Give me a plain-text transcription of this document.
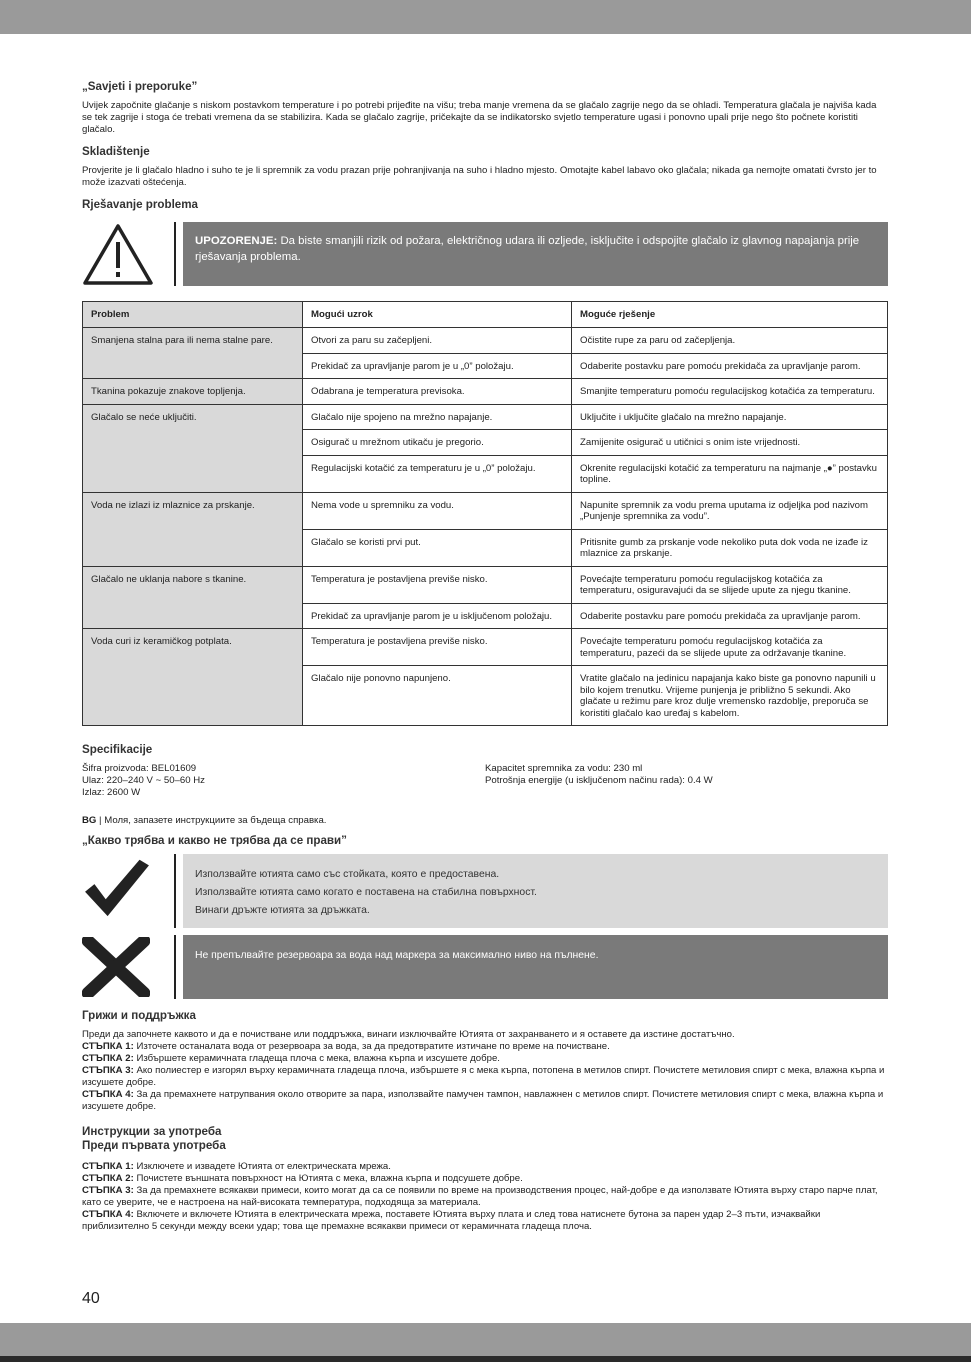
„Savjeti i preporuke”

Uvijek započnite glačanje s niskom postavkom temperature i po potrebi prijeđite na višu; treba manje vremena da se glačalo zagrije nego da se ohladi. Temperatura glačala je najviša kada se tek zagrije i stoga će trebati vremena da se stabilizira. Kada se glačalo zagrije, pričekajte da se indikatorsko svjetlo temperature ugasi i ponovno upali prije nego što počnete koristiti glačalo.

Skladištenje

Provjerite je li glačalo hladno i suho te je li spremnik za vodu prazan prije pohranjivanja na suho i hladno mjesto. Omotajte kabel labavo oko glačala; nikada ga nemojte omatati čvrsto jer to može izazvati oštećenja.

Rješavanje problema
UPOZORENJE: Da biste smanjili rizik od požara, električnog udara ili ozljede, isključite i odspojite glačalo iz glavnog napajanja prije rješavanja problema.
Problem	Mogući uzrok	Moguće rješenje
Smanjena stalna para ili nema stalne pare.	Otvori za paru su začepljeni.	Očistite rupe za paru od začepljenja.
	Prekidač za upravljanje parom je u „0” položaju.	Odaberite postavku pare pomoću prekidača za upravljanje parom.
Tkanina pokazuje znakove topljenja.	Odabrana je temperatura previsoka.	Smanjite temperaturu pomoću regulacijskog kotačića za temperaturu.
Glačalo se neće uključiti.	Glačalo nije spojeno na mrežno napajanje.	Uključite i uključite glačalo na mrežno napajanje.
	Osigurač u mrežnom utikaču je pregorio.	Zamijenite osigurač u utičnici s onim iste vrijednosti.
	Regulacijski kotačić za temperaturu je u „0” položaju.	Okrenite regulacijski kotačić za temperaturu na najmanje „●” postavku topline.
Voda ne izlazi iz mlaznice za prskanje.	Nema vode u spremniku za vodu.	Napunite spremnik za vodu prema uputama iz odjeljka pod nazivom „Punjenje spremnika za vodu”.
	Glačalo se koristi prvi put.	Pritisnite gumb za prskanje vode nekoliko puta dok voda ne izađe iz mlaznice za prskanje.
Glačalo ne uklanja nabore s tkanine.	Temperatura je postavljena previše nisko.	Povećajte temperaturu pomoću regulacijskog kotačića za temperaturu, osiguravajući da se slijede upute za njegu tkanine.
	Prekidač za upravljanje parom je u isključenom položaju.	Odaberite postavku pare pomoću prekidača za upravljanje parom.
Voda curi iz keramičkog potplata.	Temperatura je postavljena previše nisko.	Povećajte temperaturu pomoću regulacijskog kotačića za temperaturu, pazeći da se slijede upute za održavanje tkanine.
	Glačalo nije ponovno napunjeno.	Vratite glačalo na jedinicu napajanja kako biste ga ponovno napunili u bilo kojem trenutku. Vrijeme punjenja je približno 5 sekundi. Ako glačate u režimu pare kroz dulje vremensko razdoblje, preporuča se koristiti glačalo kao uređaj s kabelom.
Specifikacije

Šifra proizvoda: BEL01609

Ulaz: 220–240 V ~ 50–60 Hz

Izlaz: 2600 W

Kapacitet spremnika za vodu: 230 ml

Potrošnja energije (u isključenom načinu rada): 0.4 W

BG | Моля, запазете инструкциите за бъдеща справка.

„Какво трябва и какво не трябва да се прави”

Използвайте ютията само със стойката, която е предоставена.

Използвайте ютията само когато е поставена на стабилна повърхност.

Винаги дръжте ютията за дръжката.

Не препълвайте резервоара за вода над маркера за максимално ниво на пълнене.

Грижи и поддръжка

Преди да започнете каквото и да е почистване или поддръжка, винаги изключвайте Ютията от захранването и я оставете да изстине достатъчно.

СТЪПКА 1: Източете останалата вода от резервоара за вода, за да предотвратите изтичане по време на почистване.

СТЪПКА 2: Избършете керамичната гладеща плоча с мека, влажна кърпа и изсушете добре.

СТЪПКА 3: Ако полиестер е изгорял върху керамичната гладеща плоча, избършете я с мека кърпа, потопена в метилов спирт. Почистете метиловия спирт с мека, влажна кърпа и изсушете добре.

СТЪПКА 4: За да премахнете натрупвания около отворите за пара, използвайте памучен тампон, навлажнен с метилов спирт. Почистете метиловия спирт с мека, влажна кърпа и изсушете добре.

Инструкции за употреба
Преди първата употреба

СТЪПКА 1: Изключете и извадете Ютията от електрическата мрежа.

СТЪПКА 2: Почистете външната повърхност на Ютията с мека, влажна кърпа и подсушете добре.

СТЪПКА 3: За да премахнете всякакви примеси, които могат да са се появили по време на производствения процес, най-добре е да използвате Ютията върху старо парче плат, като се уверите, че е настроена на най-високата температура, подходяща за материала.

СТЪПКА 4: Включете и включете Ютията в електрическата мрежа, поставете Ютията върху плата и след това натиснете бутона за парен удар 2–3 пъти, изчаквайки приблизително 5 секунди между всеки удар; това ще премахне всякакви примеси от керамичната гладеща плоча.

40
